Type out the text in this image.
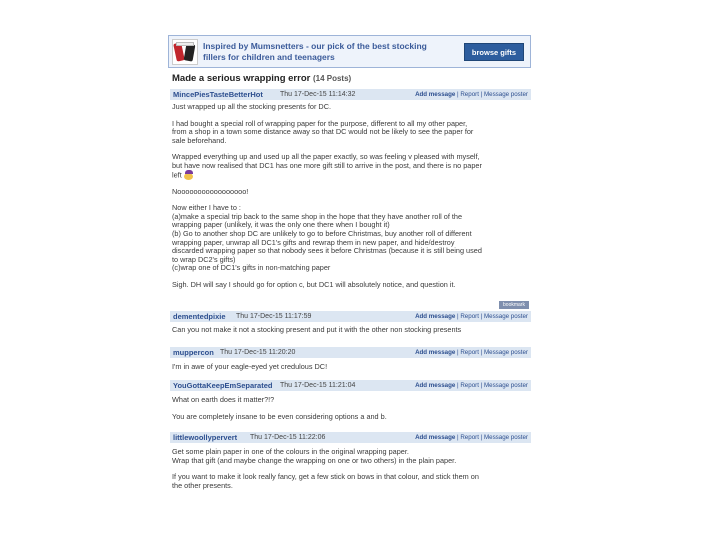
Inspired by Mumsnetters - our pick of the best stocking
fillers for children and teenagers	browse gifts
Made a serious wrapping error (14 Posts)
MincePiesTasteBetterHot Thu 17-Dec-15 11:14:32	Add message | Report | Message poster

Just wrapped up all the stocking presents for DC.

I had bought a special roll of wrapping paper for the purpose, different to all my other paper,

from a shop in a town some distance away so that DC would not be likely to see the paper for

sale beforehand.

Wrapped everything up and used up all the paper exactly, so was feeling v pleased with myself,

but have now realised that DC1 has one more gift still to arrive in the post, and there is no paper

left

Nooooooooooooooooo!

Now either I have to :

(a)make a special trip back to the same shop in the hope that they have another roll of the

wrapping paper (unlikely, it was the only one there when I bought it)

(b) Go to another shop DC are unlikely to go to before Christmas, buy another roll of different

wrapping paper, unwrap all DC1's gifts and rewrap them in new paper, and hide/destroy

discarded wrapping paper so that nobody sees it before Christmas (because it is still being used

to wrap DC2's gifts)

(c)wrap one of DC1's gifts in non-matching paper

Sigh. DH will say I should go for option c, but DC1 will absolutely notice, and question it.

bookmark
dementedpixie Thu 17-Dec-15 11:17:59	Add message | Report | Message poster

Can you not make it not a stocking present and put it with the other non stocking presents

muppercon Thu 17-Dec-15 11:20:20	Add message | Report | Message poster

I'm in awe of your eagle-eyed yet credulous DC!

YouGottaKeepEmSeparated Thu 17-Dec-15 11:21:04	Add message | Report | Message poster

What on earth does it matter?!?

You are completely insane to be even considering options a and b.

littlewoollypervert Thu 17-Dec-15 11:22:06	Add message | Report | Message poster

Get some plain paper in one of the colours in the original wrapping paper.

Wrap that gift (and maybe change the wrapping on one or two others) in the plain paper.

If you want to make it look really fancy, get a few stick on bows in that colour, and stick them on

the other presents.
